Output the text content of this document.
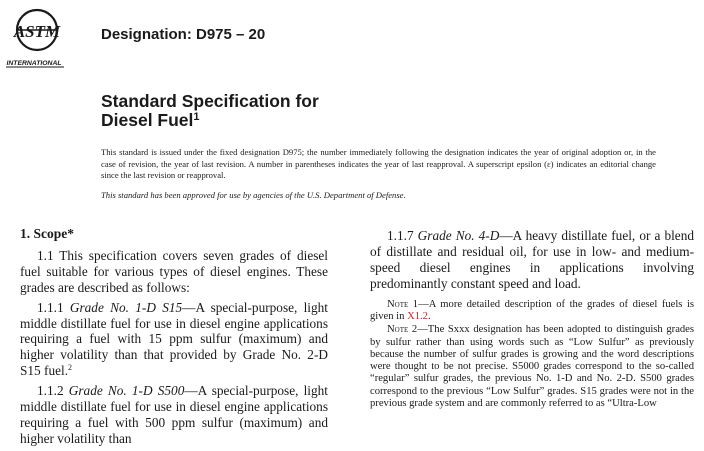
ASTM
INTERNATIONAL
Designation: D975 – 20
Standard Specification for
Diesel Fuel$^1$
This standard is issued under the fixed designation D975; the number immediately following the designation indicates the year of original adoption or, in the case of revision, the year of last revision. A number in parentheses indicates the year of last reapproval. A superscript epsilon (ε) indicates an editorial change since the last revision or reapproval.
This standard has been approved for use by agencies of the U.S. Department of Defense.
1. Scope*

1.1 This specification covers seven grades of diesel fuel suitable for various types of diesel engines. These grades are described as follows:

1.1.1 Grade No. 1-D S15—A special-purpose, light middle distillate fuel for use in diesel engine applications requiring a fuel with 15 ppm sulfur (maximum) and higher volatility than that provided by Grade No. 2-D S15 fuel.$^2$

1.1.2 Grade No. 1-D S500—A special-purpose, light middle distillate fuel for use in diesel engine applications requiring a fuel with 500 ppm sulfur (maximum) and higher volatility than

1.1.7 Grade No. 4-D—A heavy distillate fuel, or a blend of distillate and residual oil, for use in low- and medium-speed diesel engines in applications involving predominantly constant speed and load.

Note 1—A more detailed description of the grades of diesel fuels is given in X1.2.
Note 2—The Sxxx designation has been adopted to distinguish grades by sulfur rather than using words such as “Low Sulfur” as previously because the number of sulfur grades is growing and the word descriptions were thought to be not precise. S5000 grades correspond to the so-called “regular” sulfur grades, the previous No. 1-D and No. 2-D. S500 grades correspond to the previous “Low Sulfur” grades. S15 grades were not in the previous grade system and are commonly referred to as “Ultra-Low
